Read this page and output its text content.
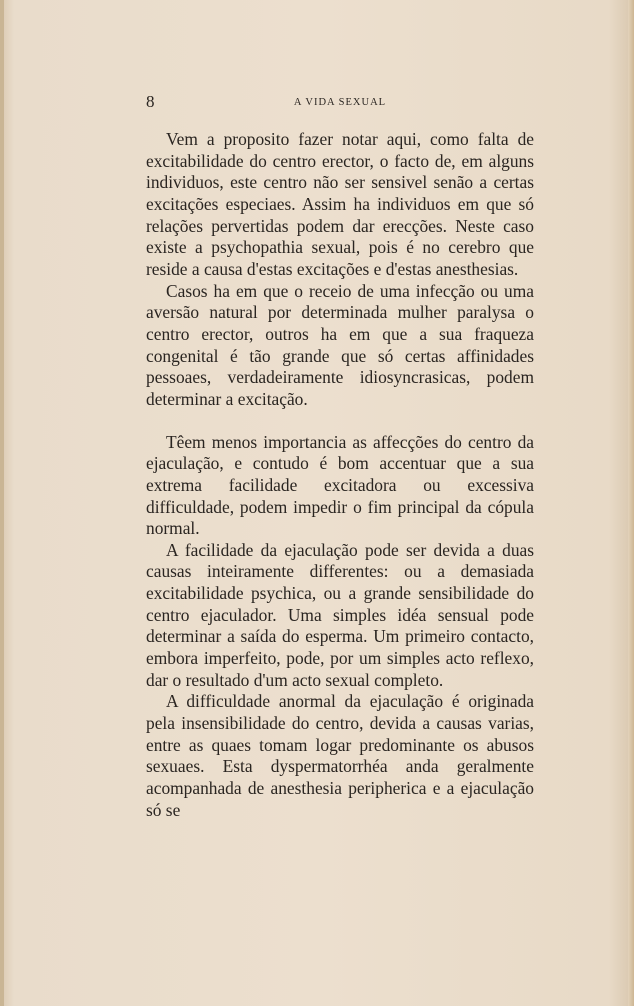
8	A VIDA SEXUAL

Vem a proposito fazer notar aqui, como falta de excitabilidade do centro erector, o facto de, em alguns individuos, este centro não ser sensivel senão a certas excitações especiaes. Assim ha individuos em que só relações pervertidas podem dar erecções. Neste caso existe a psychopathia sexual, pois é no cerebro que reside a causa d'estas excitações e d'estas anesthesias.

Casos ha em que o receio de uma infecção ou uma aversão natural por determinada mulher paralysa o centro erector, outros ha em que a sua fraqueza congenital é tão grande que só certas affinidades pessoaes, verdadeiramente idiosyncrasicas, podem determinar a excitação.

Têem menos importancia as affecções do centro da ejaculação, e contudo é bom accentuar que a sua extrema facilidade excitadora ou excessiva difficuldade, podem impedir o fim principal da cópula normal.

A facilidade da ejaculação pode ser devida a duas causas inteiramente differentes: ou a demasiada excitabilidade psychica, ou a grande sensibilidade do centro ejaculador. Uma simples idéa sensual pode determinar a saída do esperma. Um primeiro contacto, embora imperfeito, pode, por um simples acto reflexo, dar o resultado d'um acto sexual completo.

A difficuldade anormal da ejaculação é originada pela insensibilidade do centro, devida a causas varias, entre as quaes tomam logar predominante os abusos sexuaes. Esta dyspermatorrhéa anda geralmente acompanhada de anesthesia peripherica e a ejaculação só se
